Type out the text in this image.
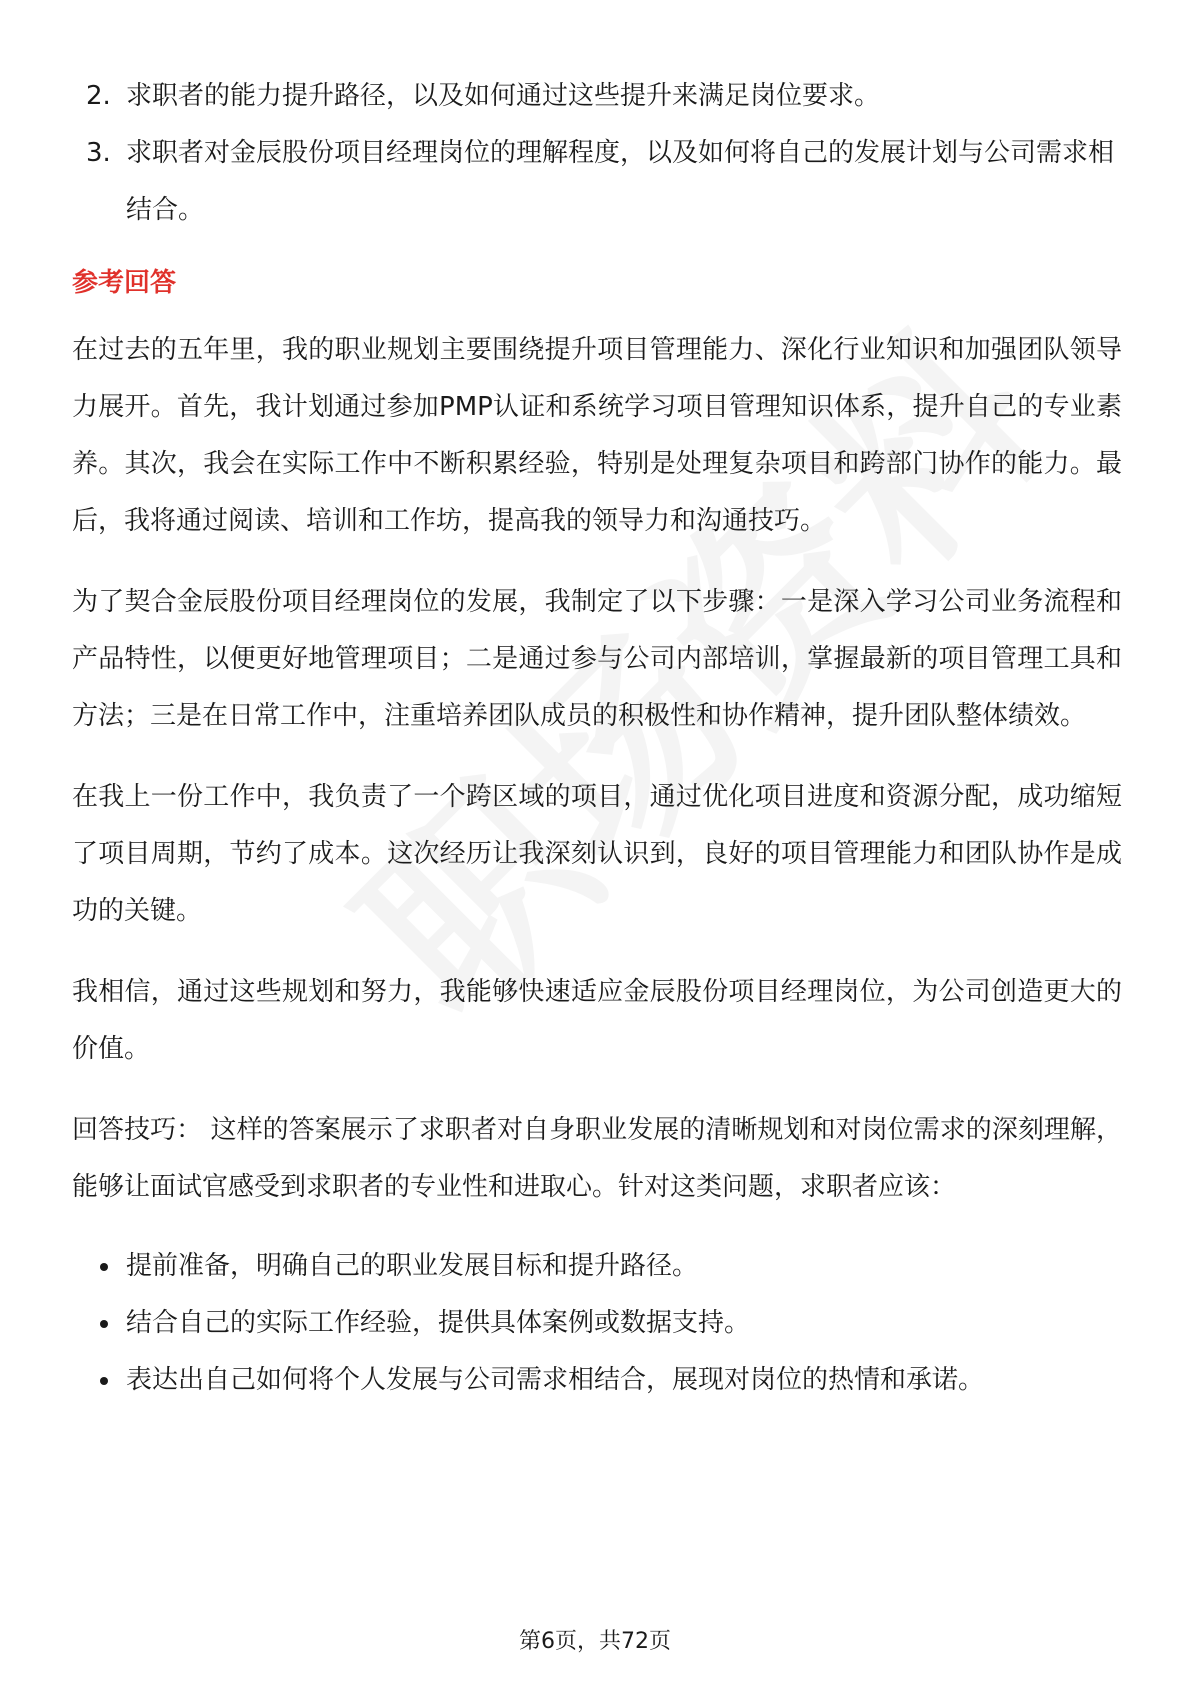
2. 求职者的能力提升路径，以及如何通过这些提升来满足岗位要求。
3. 求职者对金辰股份项目经理岗位的理解程度，以及如何将自己的发展计划与公司需求相结合。
参考回答

在过去的五年里，我的职业规划主要围绕提升项目管理能力、深化行业知识和加强团队领导力展开。首先，我计划通过参加PMP认证和系统学习项目管理知识体系，提升自己的专业素养。其次，我会在实际工作中不断积累经验，特别是处理复杂项目和跨部门协作的能力。最后，我将通过阅读、培训和工作坊，提高我的领导力和沟通技巧。

为了契合金辰股份项目经理岗位的发展，我制定了以下步骤：一是深入学习公司业务流程和产品特性，以便更好地管理项目；二是通过参与公司内部培训，掌握最新的项目管理工具和方法；三是在日常工作中，注重培养团队成员的积极性和协作精神，提升团队整体绩效。

在我上一份工作中，我负责了一个跨区域的项目，通过优化项目进度和资源分配，成功缩短了项目周期，节约了成本。这次经历让我深刻认识到，良好的项目管理能力和团队协作是成功的关键。

我相信，通过这些规划和努力，我能够快速适应金辰股份项目经理岗位，为公司创造更大的价值。

回答技巧： 这样的答案展示了求职者对自身职业发展的清晰规划和对岗位需求的深刻理解，能够让面试官感受到求职者的专业性和进取心。针对这类问题，求职者应该：

提前准备，明确自己的职业发展目标和提升路径。
结合自己的实际工作经验，提供具体案例或数据支持。
表达出自己如何将个人发展与公司需求相结合，展现对岗位的热情和承诺。
第6页，共72页
